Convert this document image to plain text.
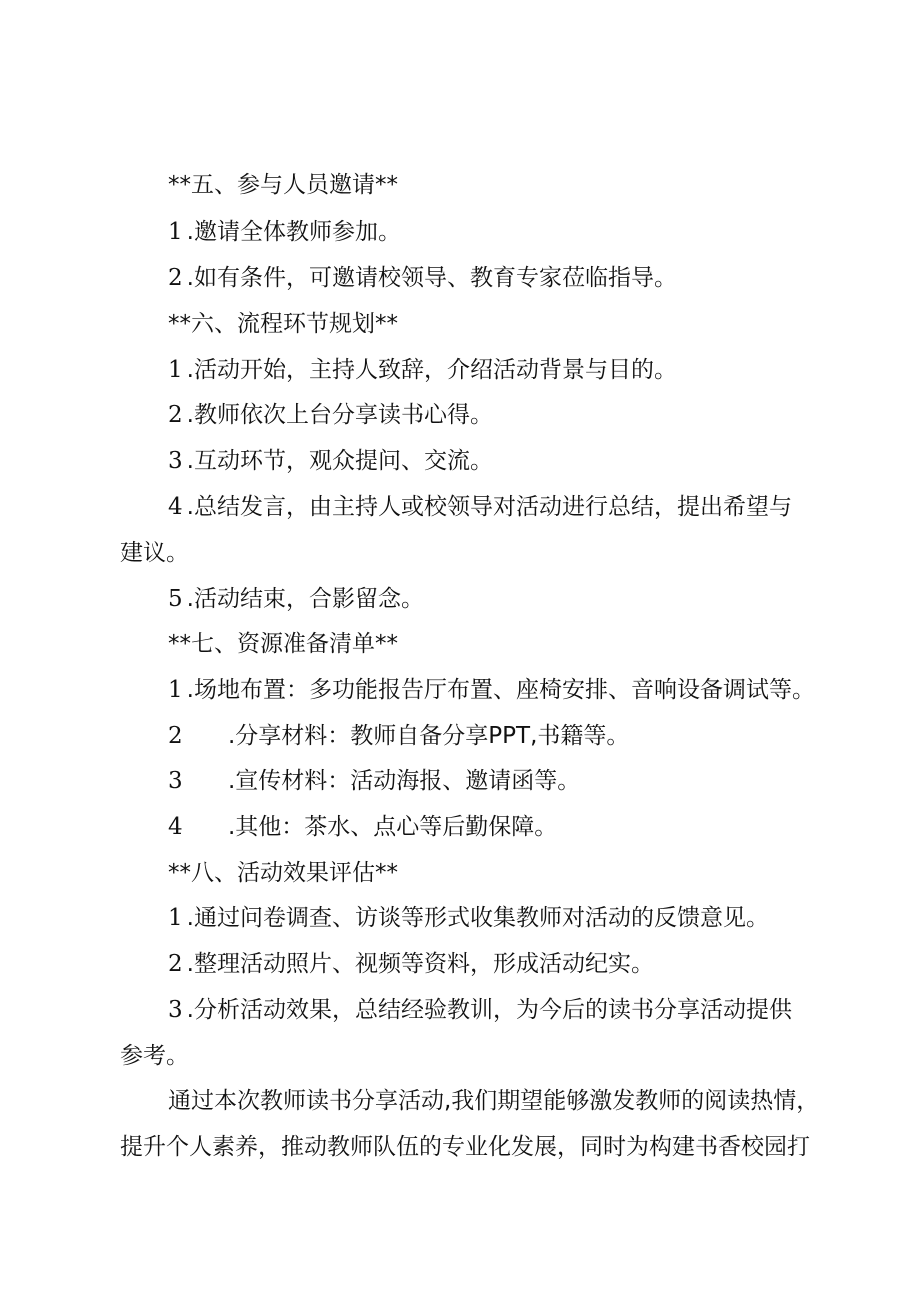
**五、参与人员邀请**
1 .邀请全体教师参加。
2 .如有条件，可邀请校领导、教育专家莅临指导。
**六、流程环节规划**
1 .活动开始，主持人致辞，介绍活动背景与目的。
2 .教师依次上台分享读书心得。
3 .互动环节，观众提问、交流。
4 .总结发言，由主持人或校领导对活动进行总结，提出希望与
建议。
5 .活动结束，合影留念。
**七、资源准备清单**
1 .场地布置：多功能报告厅布置、座椅安排、音响设备调试等。
2 .分享材料：教师自备分享PPT,书籍等。
3 .宣传材料：活动海报、邀请函等。
4 .其他：茶水、点心等后勤保障。
**八、活动效果评估**
1 .通过问卷调查、访谈等形式收集教师对活动的反馈意见。
2 .整理活动照片、视频等资料，形成活动纪实。
3 .分析活动效果，总结经验教训，为今后的读书分享活动提供
参考。
通过本次教师读书分享活动,我们期望能够激发教师的阅读热情，
提升个人素养，推动教师队伍的专业化发展，同时为构建书香校园打
